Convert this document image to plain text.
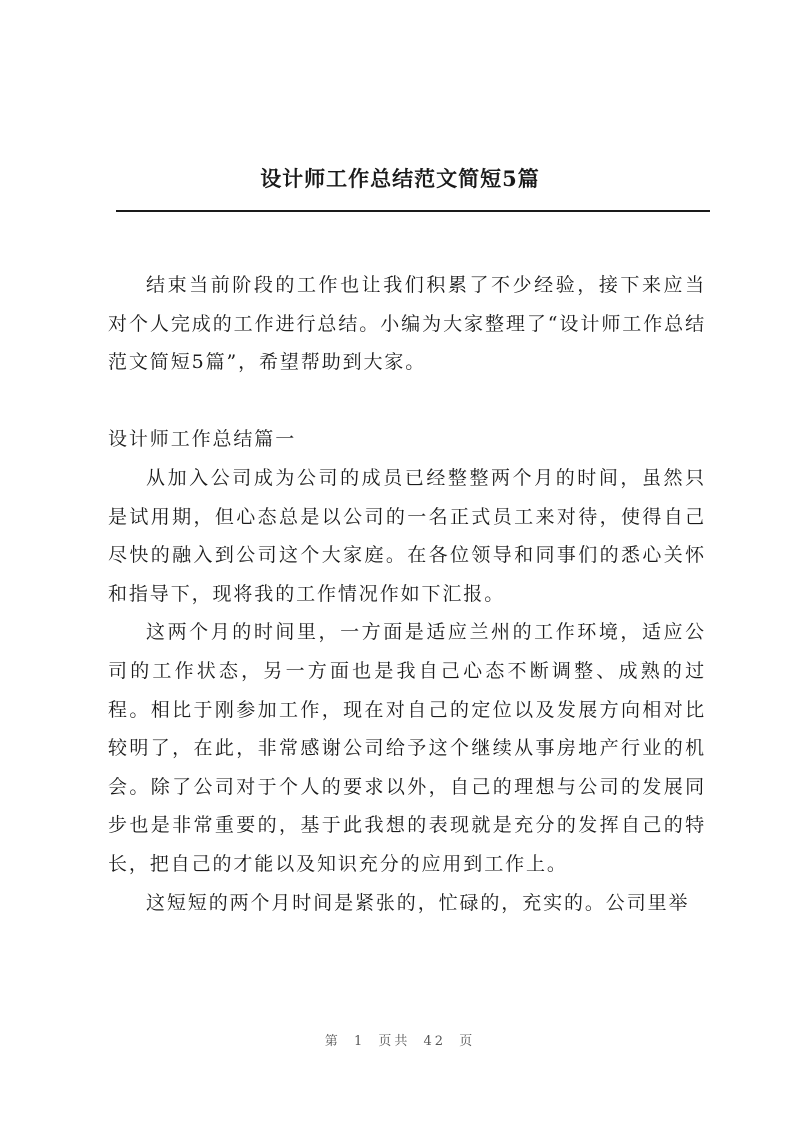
设计师工作总结范文简短5篇

结束当前阶段的工作也让我们积累了不少经验，接下来应当对个人完成的工作进行总结。小编为大家整理了“设计师工作总结范文简短5篇”，希望帮助到大家。

设计师工作总结篇一

从加入公司成为公司的成员已经整整两个月的时间，虽然只是试用期，但心态总是以公司的一名正式员工来对待，使得自己尽快的融入到公司这个大家庭。在各位领导和同事们的悉心关怀和指导下，现将我的工作情况作如下汇报。

这两个月的时间里，一方面是适应兰州的工作环境，适应公司的工作状态，另一方面也是我自己心态不断调整、成熟的过程。相比于刚参加工作，现在对自己的定位以及发展方向相对比较明了，在此，非常感谢公司给予这个继续从事房地产行业的机会。除了公司对于个人的要求以外，自己的理想与公司的发展同步也是非常重要的，基于此我想的表现就是充分的发挥自己的特长，把自己的才能以及知识充分的应用到工作上。

这短短的两个月时间是紧张的，忙碌的，充实的。公司里举

第 1 页共 42 页
